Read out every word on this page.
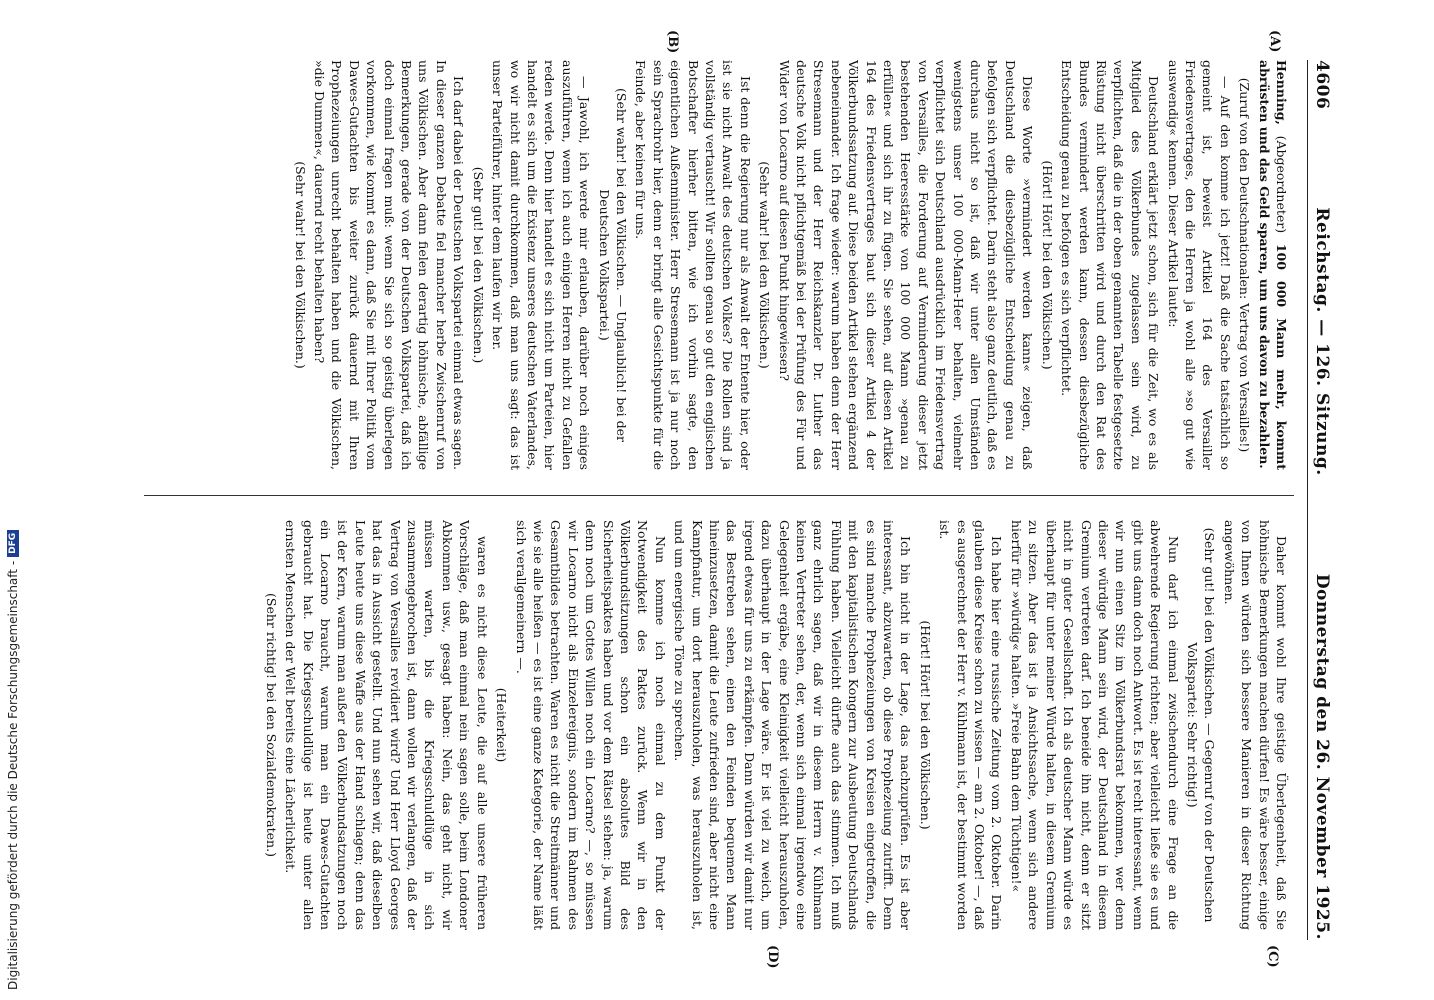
4606
Reichstag. — 126. Sitzung.
Donnerstag den 26. November 1925.
(A)
(B)
(C)
(D)

Henning, (Abgeordneter) 100 000 Mann mehr, kommt abrüsten und das Geld sparen, um uns davon zu bezahlen.

(Zuruf von den Deutschnationalen: Vertrag von Versailles!)

— Auf den komme ich jetzt! Daß die Sache tatsächlich so gemeint ist, beweist Artikel 164 des Versailler Friedensvertrages, den die Herren ja wohl alle »so gut wie auswendig« kennen. Dieser Artikel lautet:

Deutschland erklärt jetzt schon, sich für die Zeit, wo es als Mitglied des Völkerbundes zugelassen sein wird, zu verpflichten, daß die in der oben genannten Tabelle festgesetzte Rüstung nicht überschritten wird und durch den Rat des Bundes vermindert werden kann, dessen diesbezügliche Entscheidung genau zu befolgen es sich verpflichtet.

(Hört! Hört! bei den Völkischen.)

Diese Worte »vermindert werden kann« zeigen, daß Deutschland die diesbezügliche Entscheidung genau zu befolgen sich verpflichtet. Darin steht also ganz deutlich, daß es durchaus nicht so ist, daß wir unter allen Umständen wenigstens unser 100 000-Mann-Heer behalten, vielmehr verpflichtet sich Deutschland ausdrücklich im Friedensvertrag von Versailles, die Forderung auf Verminderung dieser jetzt bestehenden Heeresstärke von 100 000 Mann »genau zu erfüllen« und sich ihr zu fügen. Sie sehen, auf diesen Artikel 164 des Friedensvertrages baut sich dieser Artikel 4 der Völkerbundssatzung auf. Diese beiden Artikel stehen ergänzend nebeneinander. Ich frage wieder: warum haben denn der Herr Stresemann und der Herr Reichskanzler Dr. Luther das deutsche Volk nicht pflichtgemäß bei der Prüfung des Für und Wider von Locarno auf diesen Punkt hingewiesen?

(Sehr wahr! bei den Völkischen.)

Ist denn die Regierung nur als Anwalt der Entente hier, oder ist sie nicht Anwalt des deutschen Volkes? Die Rollen sind ja vollständig vertauscht! Wir sollten genau so gut den englischen Botschafter hierher bitten, wie ich vorhin sagte, den eigentlichen Außenminister. Herr Stresemann ist ja nur noch sein Sprachrohr hier, denn er bringt alle Gesichtspunkte für die Feinde, aber keinen für uns.

(Sehr wahr! bei den Völkischen. — Unglaublich! bei der Deutschen Volkspartei.)

— Jawohl, ich werde mir erlauben, darüber noch einiges auszuführen, wenn ich auch einigen Herren nicht zu Gefallen reden werde. Denn hier handelt es sich nicht um Parteien, hier handelt es sich um die Existenz unseres deutschen Vaterlandes, wo wir nicht damit durchkommen, daß man uns sagt: das ist unser Parteiführer, hinter dem laufen wir her.

(Sehr gut! bei den Völkischen.)

Ich darf dabei der Deutschen Volkspartei einmal etwas sagen. In dieser ganzen Debatte fiel mancher herbe Zwischenruf von uns Völkischen. Aber dann fielen derartig höhnische, abfällige Bemerkungen, gerade von der Deutschen Volkspartei, daß ich doch einmal fragen muß: wenn Sie sich so geistig überlegen vorkommen, wie kommt es dann, daß Sie mit Ihrer Politik vom Dawes-Gutachten bis weiter zurück dauernd mit Ihren Prophezeiungen unrecht behalten haben und die Völkischen, »die Dummen«, dauernd recht behalten haben?

(Sehr wahr! bei den Völkischen.)

Daher kommt wohl Ihre geistige Überlegenheit, daß Sie höhnische Bemerkungen machen dürfen! Es wäre besser, einige von Ihnen würden sich bessere Manieren in dieser Richtung angewöhnen.

(Sehr gut! bei den Völkischen. — Gegenruf von der Deutschen Volkspartei: Sehr richtig!)

Nun darf ich einmal zwischendurch eine Frage an die abwehrende Regierung richten; aber vielleicht ließe sie es und gibt uns dann doch noch Antwort. Es ist recht interessant, wenn wir nun einen Sitz im Völkerbundsrat bekommen, wer denn dieser würdige Mann sein wird, der Deutschland in diesem Gremium vertreten darf. Ich beneide ihn nicht, denn er sitzt nicht in guter Gesellschaft. Ich als deutscher Mann würde es überhaupt für unter meiner Würde halten, in diesem Gremium zu sitzen. Aber das ist ja Ansichtssache, wenn sich andere hierfür für »würdig« halten. »Freie Bahn dem Tüchtigen!«

Ich habe hier eine russische Zeitung vom 2. Oktober. Darin glauben diese Kreise schon zu wissen — am 2. Oktober! —, daß es ausgerechnet der Herr v. Kühlmann ist, der bestimmt worden ist.

(Hört! Hört! bei den Völkischen.)

Ich bin nicht in der Lage, das nachzuprüfen. Es ist aber interessant, abzuwarten, ob diese Prophezeiung zutrifft. Denn es sind manche Prophezeiungen von Kreisen eingetroffen, die mit den kapitalistischen Kongern zur Ausbeutung Deutschlands Fühlung haben. Vielleicht dürfte auch das stimmen. Ich muß ganz ehrlich sagen, daß wir in diesem Herrn v. Kühlmann keinen Vertreter sehen, der, wenn sich einmal irgendwo eine Gelegenheit ergäbe, eine Kleinigkeit vielleicht herauszuholen, dazu überhaupt in der Lage wäre. Er ist viel zu weich, um irgend etwas für uns zu erkämpfen. Dann würden wir damit nur das Bestreben sehen, einen den Feinden bequemen Mann hineinzusetzen, damit die Leute zufrieden sind, aber nicht eine Kampfnatur, um dort herauszuholen, was herauszuholen ist, und um energische Töne zu sprechen.

Nun komme ich noch einmal zu dem Punkt der Notwendigkeit des Paktes zurück. Wenn wir in den Völkerbundsitzungen schon ein absolutes Bild des Sicherheitspaktes haben und vor dem Rätsel stehen: ja, warum denn noch um Gottes Willen noch ein Locarno? —, so müssen wir Locarno nicht als Einzelereignis, sondern im Rahmen des Gesamtbildes betrachten. Waren es nicht die Streitmänner und wie sie alle heißen — es ist eine ganze Kategorie, der Name läßt sich verallgemeinern —.

(Heiterkeit)

waren es nicht diese Leute, die auf alle unsere früheren Vorschläge, daß man einmal nein sagen solle, beim Londoner Abkommen usw., gesagt haben: Nein, das geht nicht, wir müssen warten, bis die Kriegsschuldlüge in sich zusammengebrochen ist, dann wollen wir verlangen, daß der Vertrag von Versailles revidiert wird? Und Herr Lloyd Georges hat das in Aussicht gestellt. Und nun sehen wir, daß dieselben Leute heute uns diese Waffe aus der Hand schlagen; denn das ist der Kern, warum man außer den Völkerbundsatzungen noch ein Locarno braucht, warum man ein Dawes-Gutachten gebraucht hat. Die Kriegsschuldlüge ist heute unter allen ernsten Menschen der Welt bereits eine Lächerlichkeit.

(Sehr richtig! bei den Sozialdemokraten.)

Digitalisierung gefördert durch die Deutsche Forschungsgemeinschaft -
DFG
